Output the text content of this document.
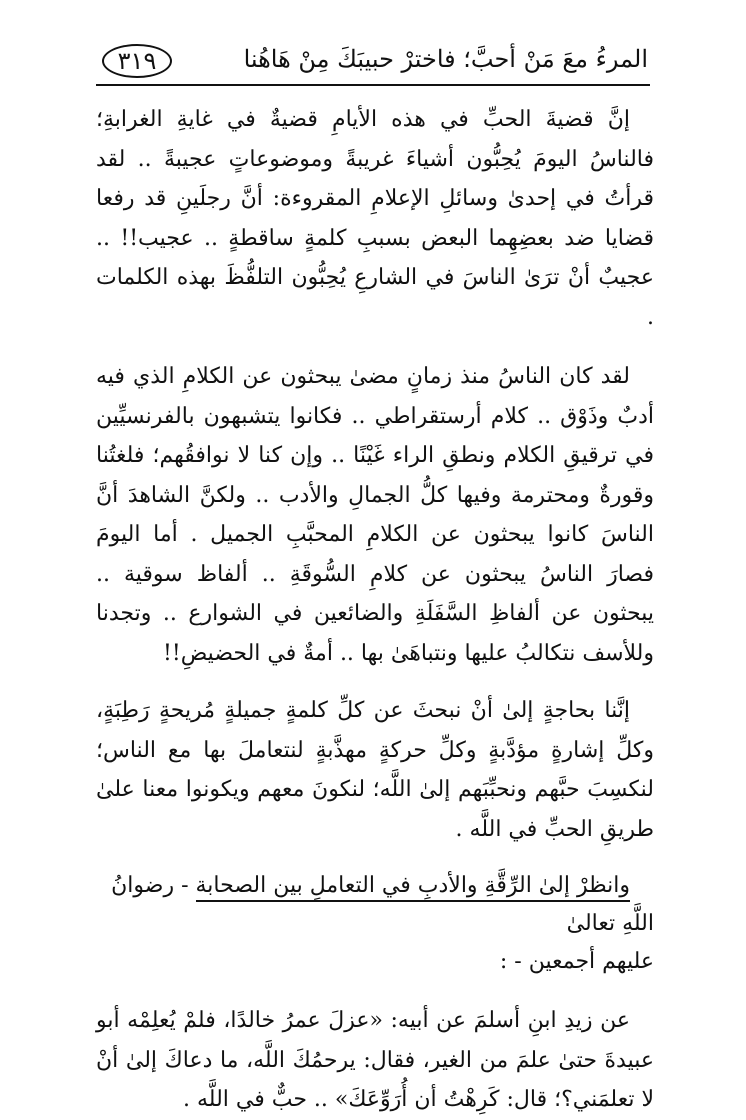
المرءُ معَ مَنْ أحبَّ؛ فاخترْ حبيبَكَ مِنْ هَاهُنا
٣١٩

إنَّ قضيةَ الحبِّ في هذه الأيامِ قضيةٌ في غايةِ الغرابةِ؛ فالناسُ اليومَ يُحِبُّون أشياءَ غريبةً وموضوعاتٍ عجيبةً .. لقد قرأتُ في إحدىٰ وسائلِ الإعلامِ المقروءة: أنَّ رجلَينِ قد رفعا قضايا ضد بعضِهِما البعض بسببِ كلمةٍ ساقطةٍ .. عجيب!! .. عجيبٌ أنْ ترَىٰ الناسَ في الشارعِ يُحِبُّون التلفُّظَ بهذه الكلمات .

لقد كان الناسُ منذ زمانٍ مضىٰ يبحثون عن الكلامِ الذي فيه أدبٌ وذَوْق .. كلام أرستقراطي .. فكانوا يتشبهون بالفرنسيِّين في ترقيقِ الكلام ونطقِ الراء غَيْنًا .. وإن كنا لا نوافقُهم؛ فلغتُنا وقورةٌ ومحترمة وفيها كلُّ الجمالِ والأدب .. ولكنَّ الشاهدَ أنَّ الناسَ كانوا يبحثون عن الكلامِ المحبَّبِ الجميل . أما اليومَ فصارَ الناسُ يبحثون عن كلامِ السُّوقَةِ .. ألفاظ سوقية .. يبحثون عن ألفاظِ السَّفَلَةِ والضائعين في الشوارع .. وتجدنا وللأسف نتكالبُ عليها ونتباهَىٰ بها .. أمةٌ في الحضيضِ!!

إنَّنا بحاجةٍ إلىٰ أنْ نبحثَ عن كلِّ كلمةٍ جميلةٍ مُريحةٍ رَطِبَةٍ، وكلِّ إشارةٍ مؤدَّبةٍ وكلِّ حركةٍ مهذَّبةٍ لنتعاملَ بها مع الناس؛ لنكسِبَ حبَّهم ونحبِّبَهم إلىٰ اللَّه؛ لنكونَ معهم ويكونوا معنا علىٰ طريقِ الحبِّ في اللَّه .

وانظرْ إلىٰ الرِّقَّةِ والأدبِ في التعاملِ بين الصحابة - رضوانُ اللَّهِ تعالىٰ

عليهم أجمعين - :

عن زيدِ ابنِ أسلمَ عن أبيه: «عزلَ عمرُ خالدًا، فلمْ يُعلِمْه أبو عبيدةَ حتىٰ علمَ من الغير، فقال: يرحمُكَ اللَّه، ما دعاكَ إلىٰ أنْ لا تعلمَني؟؛ قال: كَرِهْتُ أن أُرَوِّعَكَ» .. حبٌّ في اللَّه .
